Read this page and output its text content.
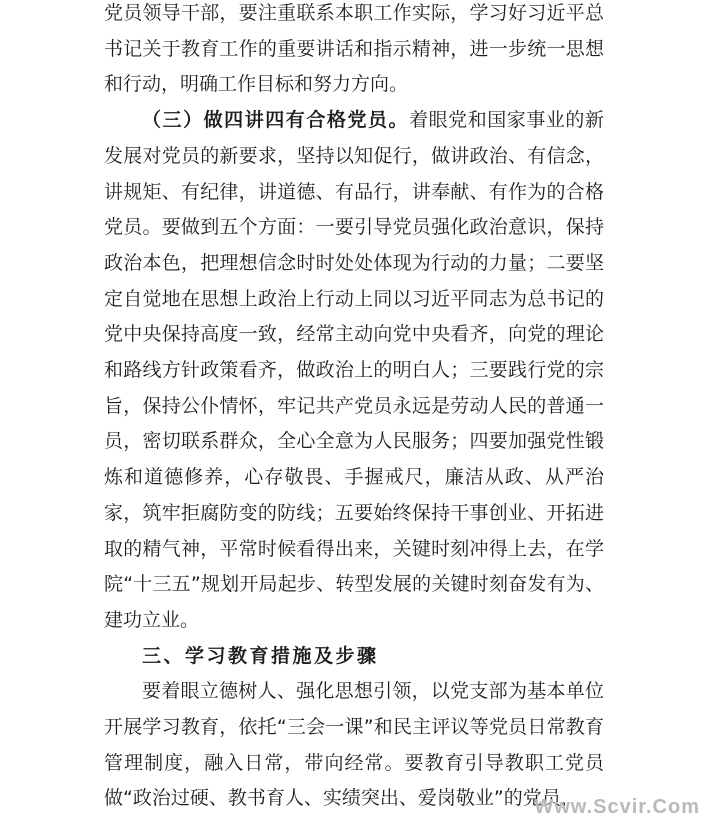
党员领导干部，要注重联系本职工作实际，学习好习近平总书记关于教育工作的重要讲话和指示精神，进一步统一思想和行动，明确工作目标和努力方向。

（三）做四讲四有合格党员。着眼党和国家事业的新发展对党员的新要求，坚持以知促行，做讲政治、有信念，讲规矩、有纪律，讲道德、有品行，讲奉献、有作为的合格党员。要做到五个方面：一要引导党员强化政治意识，保持政治本色，把理想信念时时处处体现为行动的力量；二要坚定自觉地在思想上政治上行动上同以习近平同志为总书记的党中央保持高度一致，经常主动向党中央看齐，向党的理论和路线方针政策看齐，做政治上的明白人；三要践行党的宗旨，保持公仆情怀，牢记共产党员永远是劳动人民的普通一员，密切联系群众，全心全意为人民服务；四要加强党性锻炼和道德修养，心存敬畏、手握戒尺，廉洁从政、从严治家，筑牢拒腐防变的防线；五要始终保持干事创业、开拓进取的精气神，平常时候看得出来，关键时刻冲得上去，在学院“十三五”规划开局起步、转型发展的关键时刻奋发有为、建功立业。

三、学习教育措施及步骤

要着眼立德树人、强化思想引领，以党支部为基本单位开展学习教育，依托“三会一课”和民主评议等党员日常教育管理制度，融入日常，带向经常。要教育引导教职工党员做“政治过硬、教书育人、实绩突出、爱岗敬业”的党员，

Www.Scvir.Com
